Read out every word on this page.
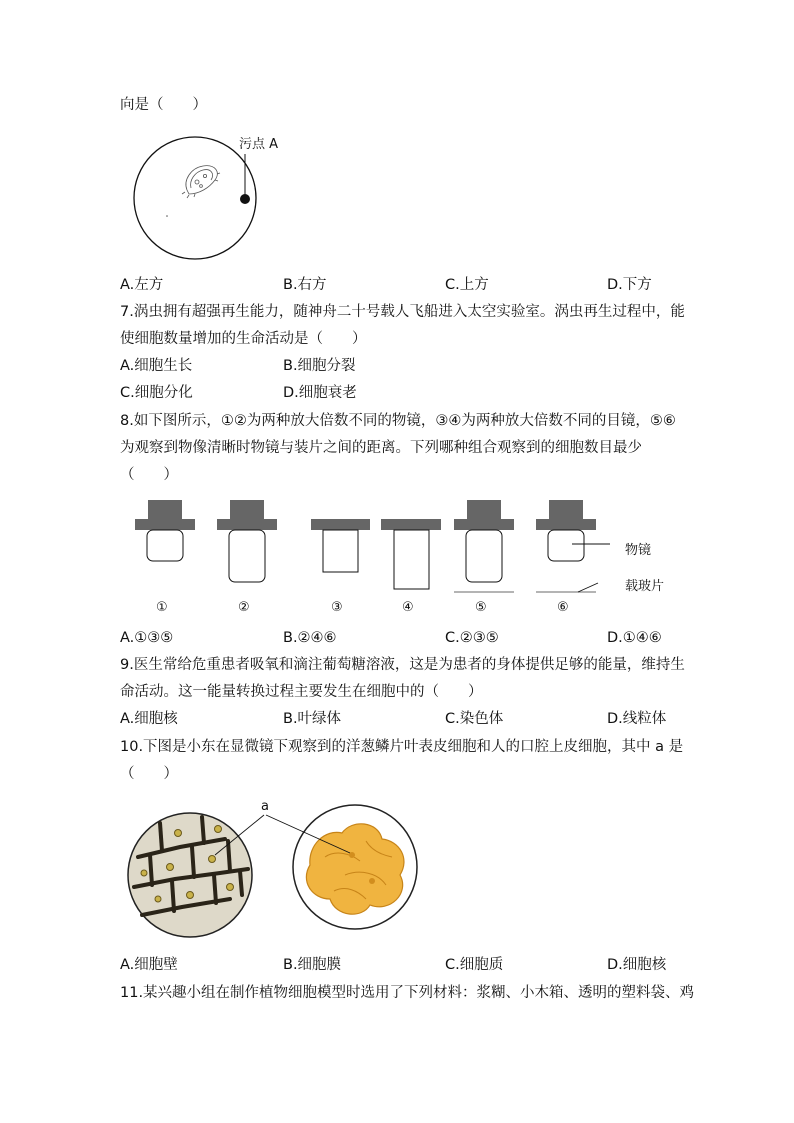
向是（　　）
污点 A
A.左方	B.右方	C.上方	D.下方
7.涡虫拥有超强再生能力，随神舟二十号载人飞船进入太空实验室。涡虫再生过程中，能
使细胞数量增加的生命活动是（　　）
A.细胞生长	B.细胞分裂
C.细胞分化	D.细胞衰老
8.如下图所示，①②为两种放大倍数不同的物镜，③④为两种放大倍数不同的目镜，⑤⑥
为观察到物像清晰时物镜与装片之间的距离。下列哪种组合观察到的细胞数目最少
（　　）
物镜
载玻片
①	②	③	④	⑤	⑥
A.①③⑤	B.②④⑥	C.②③⑤	D.①④⑥
9.医生常给危重患者吸氧和滴注葡萄糖溶液，这是为患者的身体提供足够的能量，维持生
命活动。这一能量转换过程主要发生在细胞中的（　　）
A.细胞核	B.叶绿体	C.染色体	D.线粒体
10.下图是小东在显微镜下观察到的洋葱鳞片叶表皮细胞和人的口腔上皮细胞，其中 a 是
（　　）
a
A.细胞壁	B.细胞膜	C.细胞质	D.细胞核
11.某兴趣小组在制作植物细胞模型时选用了下列材料：浆糊、小木箱、透明的塑料袋、鸡
